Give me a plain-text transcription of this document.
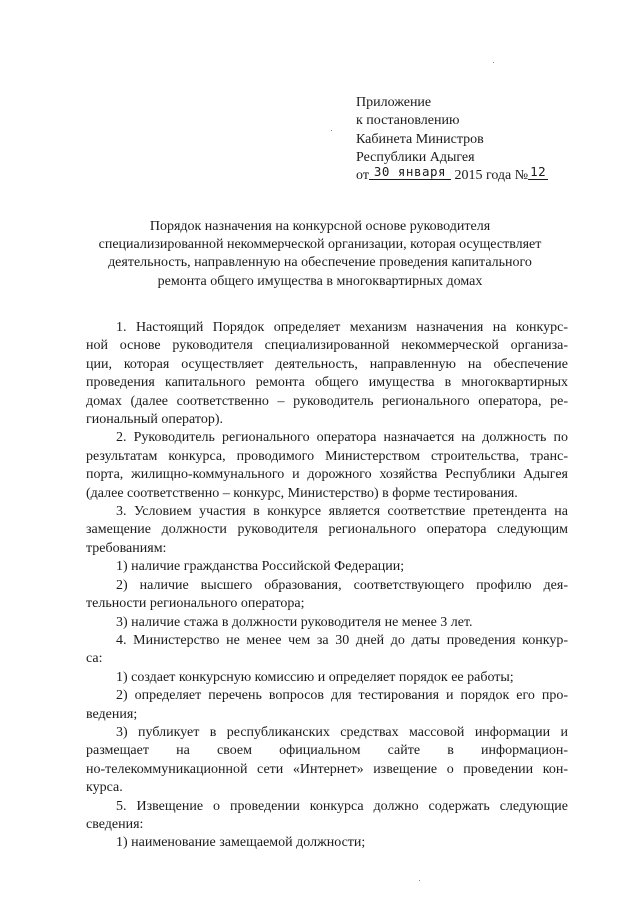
Приложение
к постановлению
Кабинета Министров
Республики Адыгея
от 30 января 2015 года № 12
Порядок назначения на конкурсной основе руководителя
специализированной некоммерческой организации, которая осуществляет
деятельность, направленную на обеспечение проведения капитального
ремонта общего имущества в многоквартирных домах
1. Настоящий Порядок определяет механизм назначения на конкурс-
ной основе руководителя специализированной некоммерческой организа-
ции, которая осуществляет деятельность, направленную на обеспечение
проведения капитального ремонта общего имущества в многоквартирных
домах (далее соответственно – руководитель регионального оператора, ре-
гиональный оператор).
2. Руководитель регионального оператора назначается на должность по
результатам конкурса, проводимого Министерством строительства, транс-
порта, жилищно-коммунального и дорожного хозяйства Республики Адыгея
(далее соответственно – конкурс, Министерство) в форме тестирования.
3. Условием участия в конкурсе является соответствие претендента на
замещение должности руководителя регионального оператора следующим
требованиям:
1) наличие гражданства Российской Федерации;
2) наличие высшего образования, соответствующего профилю дея-
тельности регионального оператора;
3) наличие стажа в должности руководителя не менее 3 лет.
4. Министерство не менее чем за 30 дней до даты проведения конкур-
са:
1) создает конкурсную комиссию и определяет порядок ее работы;
2) определяет перечень вопросов для тестирования и порядок его про-
ведения;
3) публикует в республиканских средствах массовой информации и
размещает на своем официальном сайте в информацион-
но-телекоммуникационной сети «Интернет» извещение о проведении кон-
курса.
5. Извещение о проведении конкурса должно содержать следующие
сведения:
1) наименование замещаемой должности;
